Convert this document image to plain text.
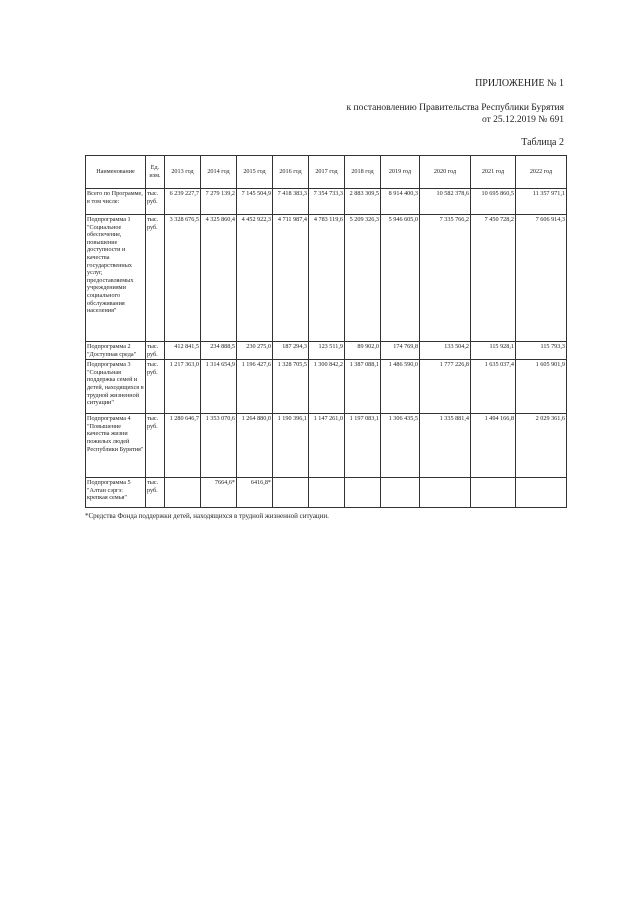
ПРИЛОЖЕНИЕ № 1
к постановлению Правительства Республики Бурятия
от 25.12.2019 № 691
Таблица 2
Наименование	Ед. изм.	2013 год	2014 год	2015 год	2016 год	2017 год	2018 год	2019 год	2020 год	2021 год	2022 год
Всего по Программе, в том числе:	тыс. руб.	6 239 227,7	7 279 139,2	7 145 504,9	7 418 383,3	7 354 733,3	2 883 309,5	8 914 400,3	10 582 378,6	10 695 860,5	11 357 971,1
Подпрограмма 1 "Социальное обеспечение, повышение доступности и качества государственных услуг, предоставляемых учреждениями социального обслуживания населения"	тыс. руб.	3 328 676,5	4 325 860,4	4 452 922,3	4 711 987,4	4 783 119,6	5 209 326,3	5 946 605,0	7 335 766,2	7 450 728,2	7 606 914,3
Подпрограмма 2 "Доступная среда"	тыс. руб.	412 841,5	234 888,5	230 275,0	187 294,3	123 511,9	89 902,0	174 769,8	133 504,2	115 928,1	115 793,3
Подпрограмма 3 "Социальная поддержка семей и детей, находящихся в трудной жизненной ситуации"	тыс. руб.	1 217 363,0	1 314 654,9	1 196 427,6	1 328 705,5	1 300 842,2	1 387 088,1	1 486 590,0	1 777 226,8	1 635 037,4	1 605 901,9
Подпрограмма 4 "Повышение качества жизни пожилых людей Республики Бурятия"	тыс. руб.	1 280 646,7	1 353 070,6	1 264 880,0	1 190 396,1	1 147 261,0	1 197 083,1	1 306 435,5	1 335 881,4	1 494 166,8	2 029 361,6
Подпрограмма 5 "Алтан сэргэ: крепкая семья"	тыс. руб.		7664,6*	6416,8*							
*Средства Фонда поддержки детей, находящихся в трудной жизненной ситуации.
